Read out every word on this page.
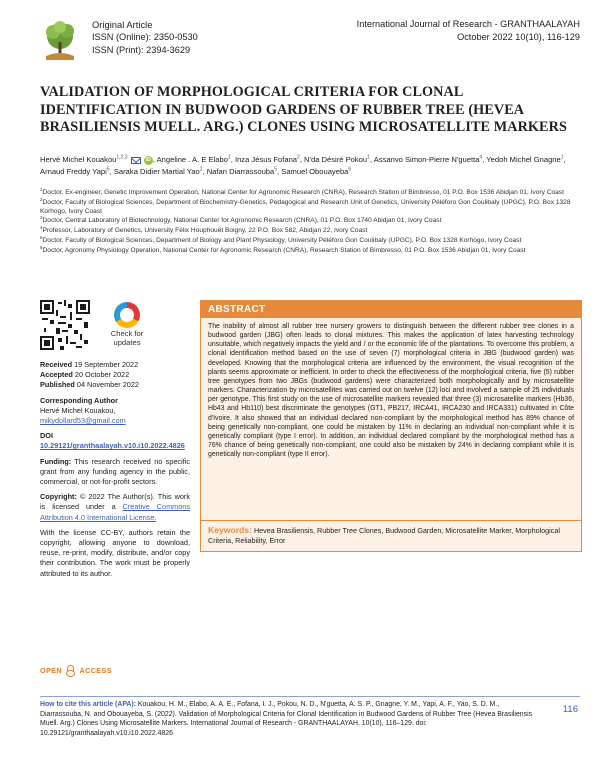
Original Article
ISSN (Online): 2350-0530
ISSN (Print): 2394-3629
International Journal of Research - GRANTHAALAYAH
October 2022 10(10), 116-129
VALIDATION OF MORPHOLOGICAL CRITERIA FOR CLONAL IDENTIFICATION IN BUDWOOD GARDENS OF RUBBER TREE (HEVEA BRASILIENSIS MUELL. ARG.) CLONES USING MICROSATELLITE MARKERS
Hervé Michel Kouakou$^{1,2,3}$	iD , Angeline . A. E Elabo$^1$, Inza Jésus Fofana$^2$, N'da Désiré Pokou$^1$, Assanvo Simon-Pierre N'guetta$^4$, Yedoh Michel Gnagne$^1$, Arnaud Freddy Yapi$^5$, Saraka Didier Martial Yao$^2$, Nafan Diarrassouba$^5$, Samuel Obouayeba$^6$

$^1$Doctor, Ex-engineer, Genetic Improvement Operation, National Center for Agronomic Research (CNRA), Research Station of Bimbresso, 01 P.O. Box 1536 Abidjan 01, Ivory Coast

$^2$Doctor, Faculty of Biological Sciences, Department of Biochemistry-Genetics, Pedagogical and Research Unit of Genetics, University Péléforo Gon Coulibaly (UPGC), P.O. Box 1328 Korhogo, Ivory Coast

$^3$Doctor, Central Laboratory of Biotechnology, National Center for Agronomic Research (CNRA), 01 P.O. Box 1740 Abidjan 01, Ivory Coast

$^4$Professor, Laboratory of Genetics, University Félix Houphouët Boigny, 22 P.O. Box 582, Abidjan 22, Ivory Coast

$^5$Doctor, Faculty of Biological Sciences, Department of Biology and Plant Physiology, University Péléforo Gon Coulibaly (UPGC), P.O. Box 1328 Korhogo, Ivory Coast

$^6$Doctor, Agronomy Physiology Operation, National Center for Agronomic Research (CNRA), Research Station of Bimbresso, 01 P.O. Box 1536 Abidjan 01, Ivory Coast

Check for
updates
Received 19 September 2022
Accepted 20 October 2022
Published 04 November 2022
Corresponding Author
Hervé Michel Kouakou,
mikydollard53@gmail.com
DOI 10.29121/granthaalayah.v10.i10.2022.4826
Funding: This research received no specific grant from any funding agency in the public, commercial, or not-for-profit sectors.
Copyright: © 2022 The Author(s). This work is licensed under a Creative Commons Attribution 4.0 International License.
With the license CC-BY, authors retain the copyright, allowing anyone to download, reuse, re-print, modify, distribute, and/or copy their contribution. The work must be properly attributed to its author.
ABSTRACT
The inability of almost all rubber tree nursery growers to distinguish between the different rubber tree clones in a budwood garden (JBG) often leads to clonal mixtures. This makes the application of latex harvesting technology unsuitable, which negatively impacts the yield and / or the economic life of the plantations. To overcome this problem, a clonal identification method based on the use of seven (7) morphological criteria in JBG (budwood garden) was developed. Knowing that the morphological criteria are influenced by the environment, the visual recognition of the plants seems approximate or inefficient. In order to check the effectiveness of the morphological criteria, five (5) rubber tree genotypes from two JBGs (budwood gardens) were characterized both morphologically and by microsatellite markers. Characterization by microsatellites was carried out on twelve (12) loci and involved a sample of 25 individuals per genotype. This first study on the use of microsatellite markers revealed that three (3) microsatellite markers (Hb36, Hb43 and Hb110) best discriminate the genotypes (GT1, PB217, IRCA41, IRCA230 and IRCA331) cultivated in Côte d'Ivoire. It also showed that an individual declared non-compliant by the morphological method has 89% chance of being genetically non-compliant, one could be mistaken by 11% in declaring an individual non-compliant while it is genetically compliant (type I error). In addition, an individual declared compliant by the morphological method has a 76% chance of being genetically non-compliant, one could also be mistaken by 24% in declaring compliant while it is genetically non-compliant (type II error).
Keywords: Hevea Brasiliensis, Rubber Tree Clones, Budwood Garden, Microsatellite Marker, Morphological Criteria, Reliability, Error
OPEN ACCESS
How to cite this article (APA): Kouakou, H. M., Elabo, A. A. E., Fofana, I. J., Pokou, N. D., N'guetta, A. S. P., Gnagne, Y. M., Yapi, A. F., Yao, S. D. M., Diarrassouba, N. and Obouayeba, S. (2022). Validation of Morphological Criteria for Clonal Identification in Budwood Gardens of Rubber Tree (Hevea Brasiliensis Muell. Arg.) Clones Using Microsatellite Markers. International Journal of Research - GRANTHAALAYAH, 10(10), 116–129. doi: 10.29121/granthaalayah.v10.i10.2022.4826
116
